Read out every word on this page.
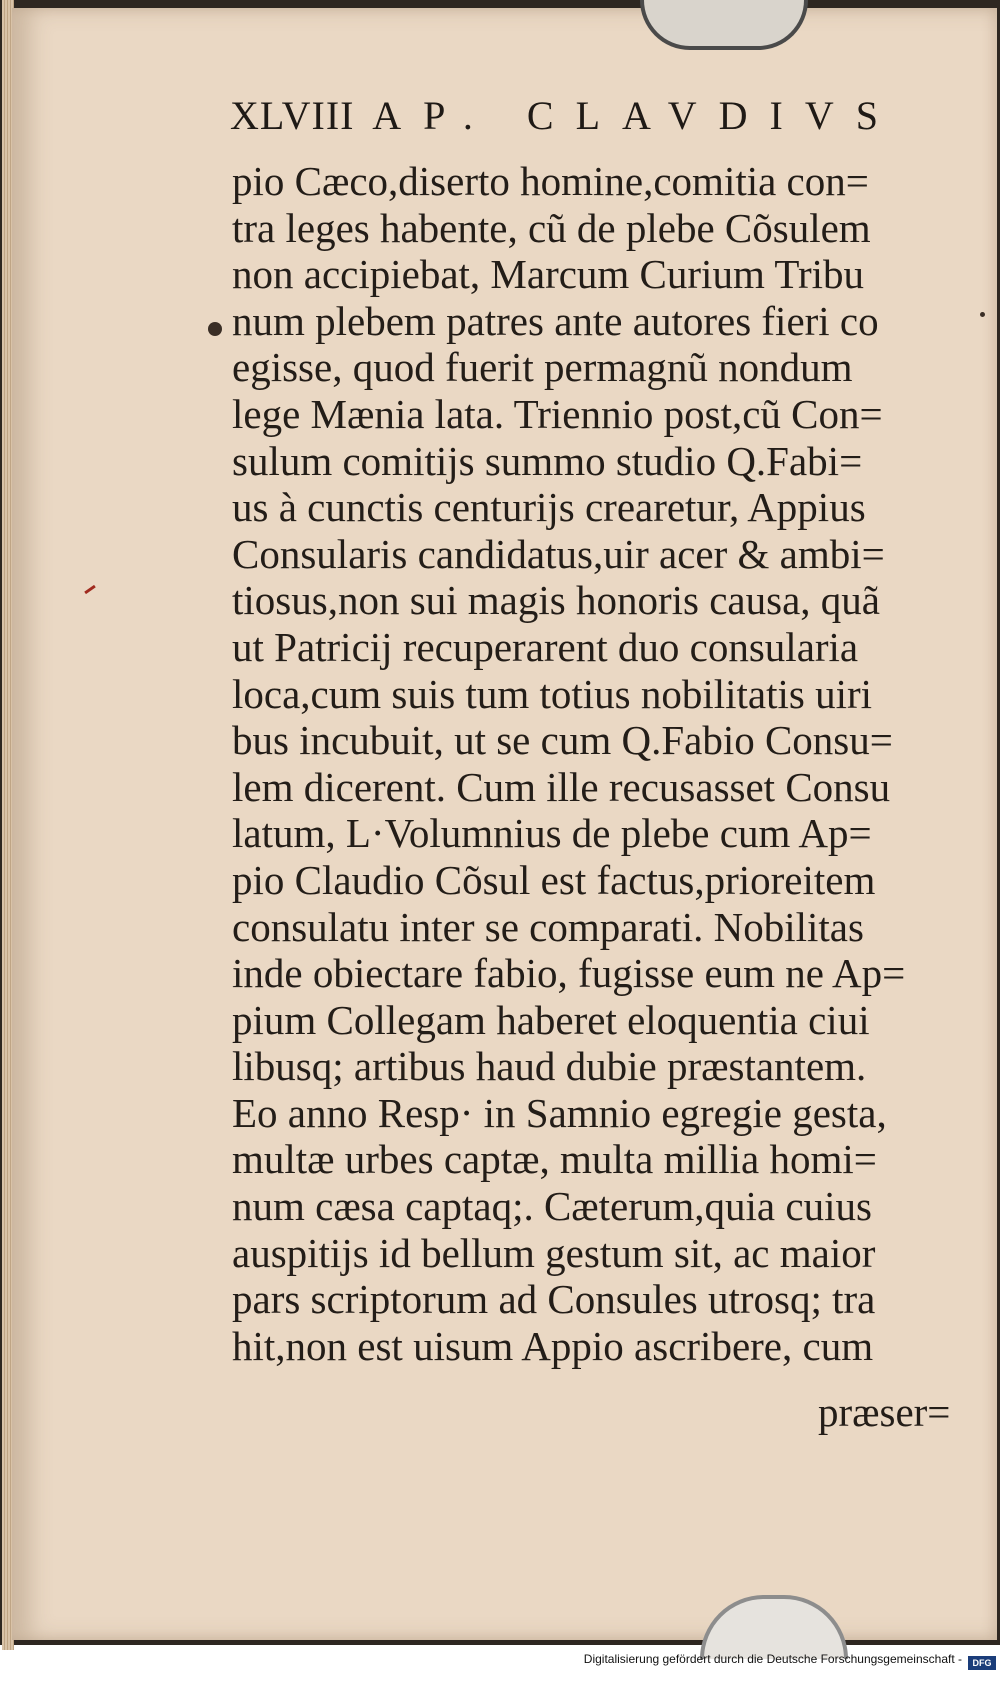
XLVIII AP. CLAVDIVS
pio Cæco,diserto homine,comitia con=
tra leges habente, cũ de plebe Cõsulem
non accipiebat, Marcum Curium Tribu
num plebem patres ante autores fieri co
egisse, quod fuerit permagnũ nondum
lege Mænia lata. Triennio post,cũ Con=
sulum comitijs summo studio Q.Fabi=
us à cunctis centurijs crearetur, Appius
Consularis candidatus,uir acer & ambi=
tiosus,non sui magis honoris causa, quã
ut Patricij recuperarent duo consularia
loca,cum suis tum totius nobilitatis uiri
bus incubuit, ut se cum Q.Fabio Consu=
lem dicerent. Cum ille recusasset Consu
latum, L·Volumnius de plebe cum Ap=
pio Claudio Cõsul est factus,prioreitem
consulatu inter se comparati. Nobilitas
inde obiectare fabio, fugisse eum ne Ap=
pium Collegam haberet eloquentia ciui
libusq; artibus haud dubie præstantem.
Eo anno Resp· in Samnio egregie gesta,
multæ urbes captæ, multa millia homi=
num cæsa captaq;. Cæterum,quia cuius
auspitijs id bellum gestum sit, ac maior
pars scriptorum ad Consules utrosq; tra
hit,non est uisum Appio ascribere, cum
præser=
Digitalisierung gefördert durch die Deutsche Forschungsgemeinschaft -	DFG
